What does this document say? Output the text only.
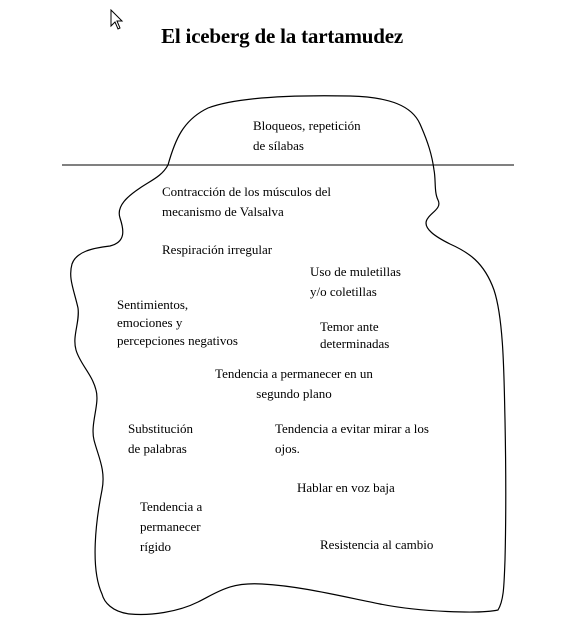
El iceberg de la tartamudez
Bloqueos, repetición
de sílabas
Contracción de los músculos del
mecanismo de Valsalva
Respiración irregular
Uso de muletillas
y/o coletillas
Sentimientos,
emociones y
percepciones negativos
Temor ante
determinadas
Tendencia a permanecer en un
segundo plano
Substitución
de palabras
Tendencia a evitar mirar a los
ojos.
Hablar en voz baja
Tendencia a
permanecer
rígido	Resistencia al cambio
